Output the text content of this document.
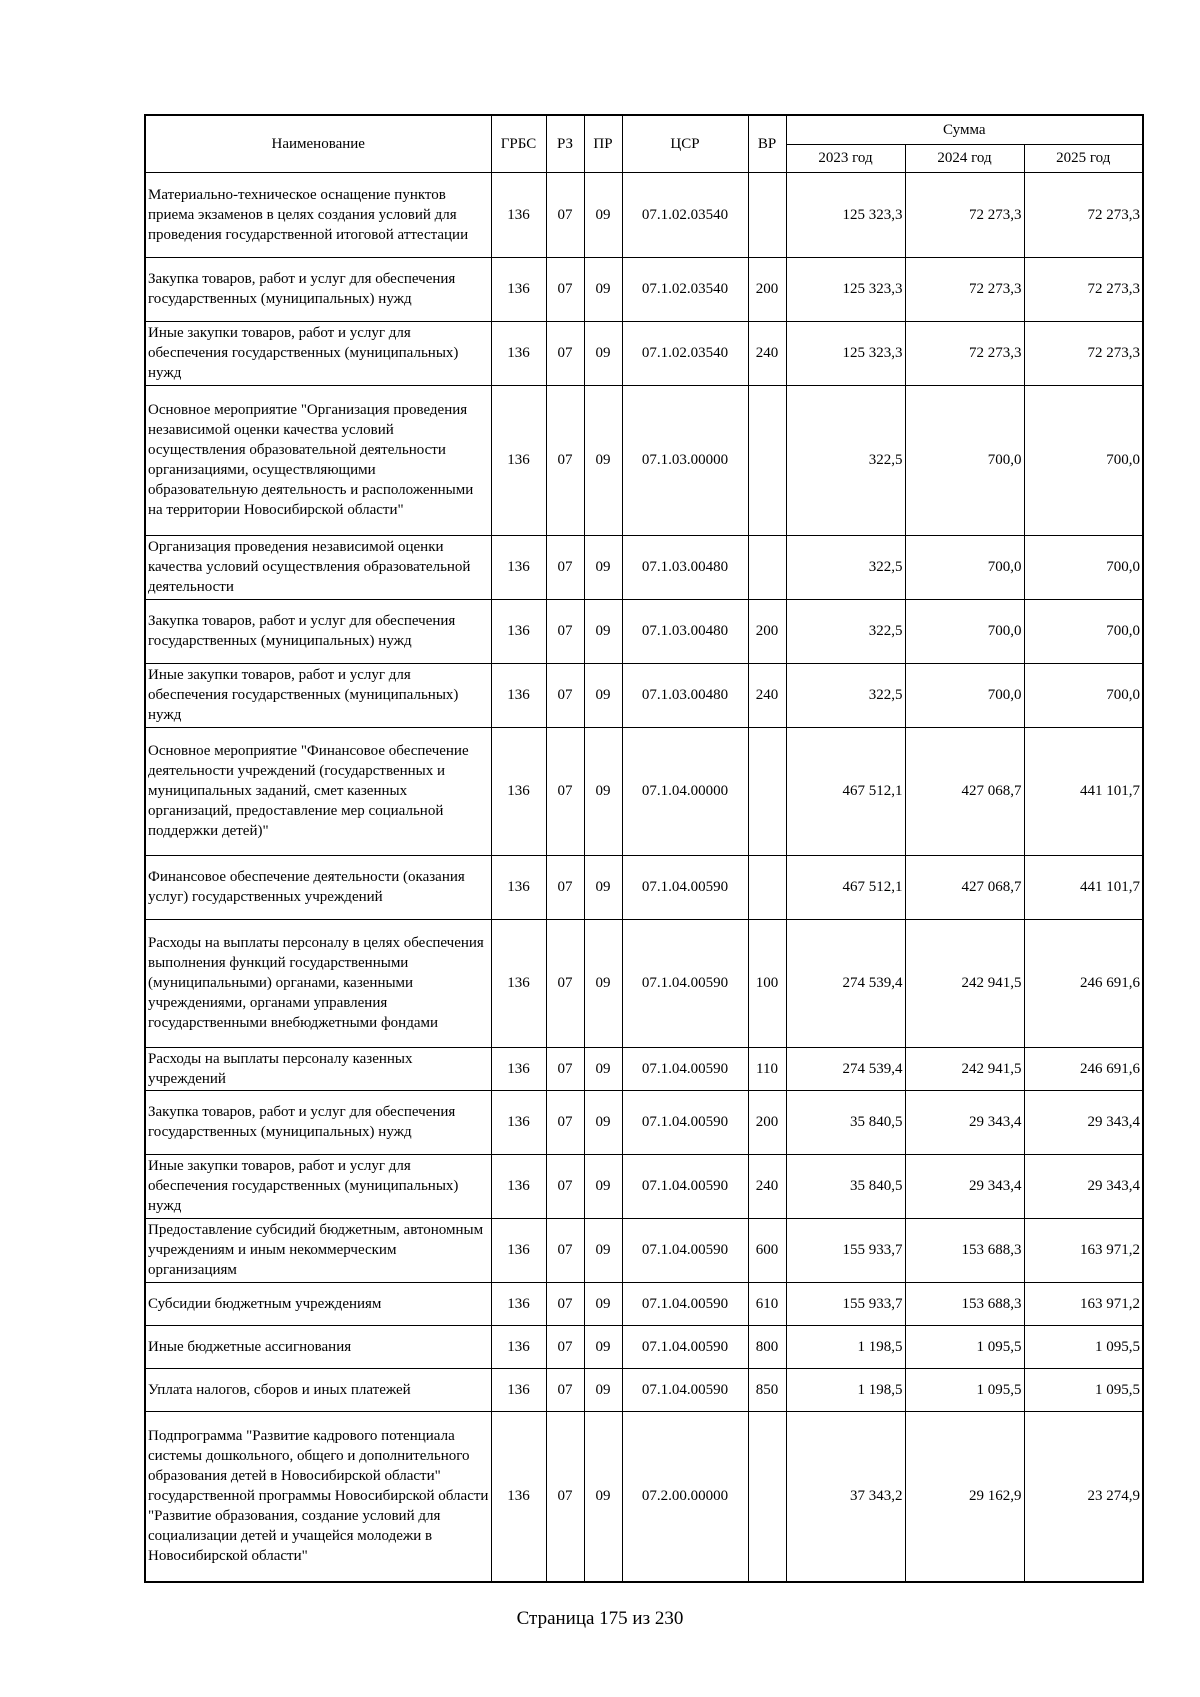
Наименование	ГРБС	РЗ	ПР	ЦСР	ВР	Сумма		
						2023 год	2024 год	2025 год
Материально-техническое оснащение пунктов приема экзаменов в целях создания условий для проведения государственной итоговой аттестации	136	07	09	07.1.02.03540		125 323,3	72 273,3	72 273,3
Закупка товаров, работ и услуг для обеспечения государственных (муниципальных) нужд	136	07	09	07.1.02.03540	200	125 323,3	72 273,3	72 273,3
Иные закупки товаров, работ и услуг для обеспечения государственных (муниципальных) нужд	136	07	09	07.1.02.03540	240	125 323,3	72 273,3	72 273,3
Основное мероприятие "Организация проведения независимой оценки качества условий осуществления образовательной деятельности организациями, осуществляющими образовательную деятельность и расположенными на территории Новосибирской области"	136	07	09	07.1.03.00000		322,5	700,0	700,0
Организация проведения независимой оценки качества условий осуществления образовательной деятельности	136	07	09	07.1.03.00480		322,5	700,0	700,0
Закупка товаров, работ и услуг для обеспечения государственных (муниципальных) нужд	136	07	09	07.1.03.00480	200	322,5	700,0	700,0
Иные закупки товаров, работ и услуг для обеспечения государственных (муниципальных) нужд	136	07	09	07.1.03.00480	240	322,5	700,0	700,0
Основное мероприятие "Финансовое обеспечение деятельности учреждений (государственных и муниципальных заданий, смет казенных организаций, предоставление мер социальной поддержки детей)"	136	07	09	07.1.04.00000		467 512,1	427 068,7	441 101,7
Финансовое обеспечение деятельности (оказания услуг) государственных учреждений	136	07	09	07.1.04.00590		467 512,1	427 068,7	441 101,7
Расходы на выплаты персоналу в целях обеспечения выполнения функций государственными (муниципальными) органами, казенными учреждениями, органами управления государственными внебюджетными фондами	136	07	09	07.1.04.00590	100	274 539,4	242 941,5	246 691,6
Расходы на выплаты персоналу казенных учреждений	136	07	09	07.1.04.00590	110	274 539,4	242 941,5	246 691,6
Закупка товаров, работ и услуг для обеспечения государственных (муниципальных) нужд	136	07	09	07.1.04.00590	200	35 840,5	29 343,4	29 343,4
Иные закупки товаров, работ и услуг для обеспечения государственных (муниципальных) нужд	136	07	09	07.1.04.00590	240	35 840,5	29 343,4	29 343,4
Предоставление субсидий бюджетным, автономным учреждениям и иным некоммерческим организациям	136	07	09	07.1.04.00590	600	155 933,7	153 688,3	163 971,2
Субсидии бюджетным учреждениям	136	07	09	07.1.04.00590	610	155 933,7	153 688,3	163 971,2
Иные бюджетные ассигнования	136	07	09	07.1.04.00590	800	1 198,5	1 095,5	1 095,5
Уплата налогов, сборов и иных платежей	136	07	09	07.1.04.00590	850	1 198,5	1 095,5	1 095,5
Подпрограмма "Развитие кадрового потенциала системы дошкольного, общего и дополнительного образования детей в Новосибирской области" государственной программы Новосибирской области "Развитие образования, создание условий для социализации детей и учащейся молодежи в Новосибирской области"	136	07	09	07.2.00.00000		37 343,2	29 162,9	23 274,9
Страница 175 из 230
